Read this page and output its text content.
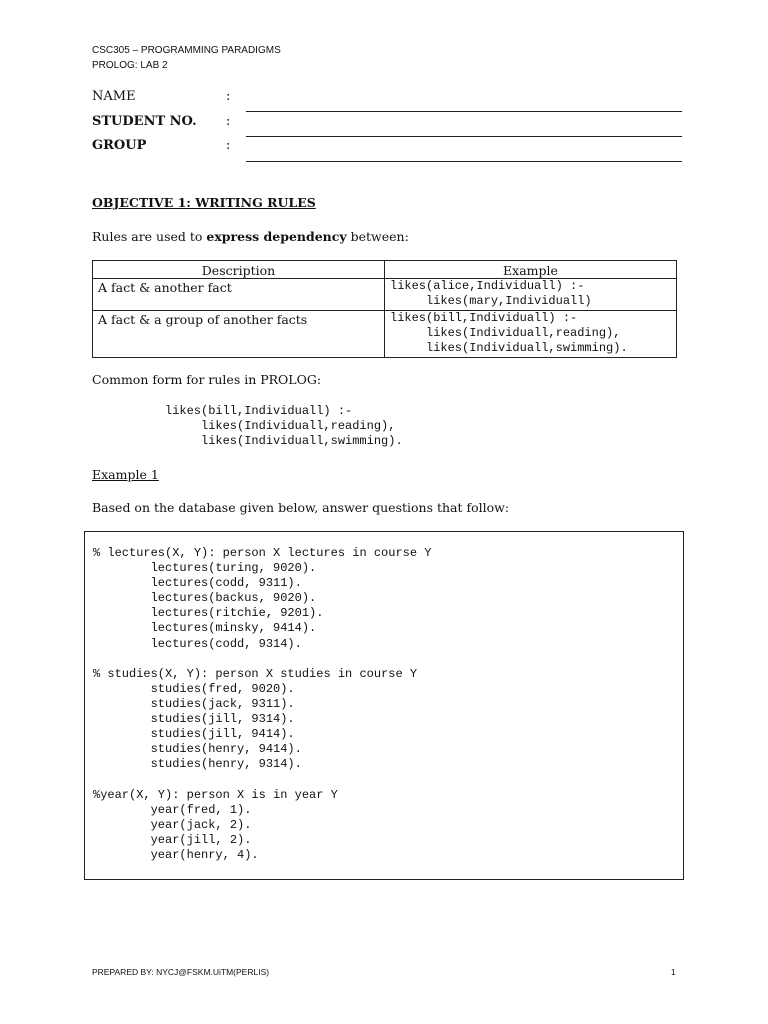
CSC305 – PROGRAMMING PARADIGMS
PROLOG: LAB 2
NAME	:
STUDENT NO. :
GROUP	:
OBJECTIVE 1: WRITING RULES
Rules are used to express dependency between:
Description	Example
A fact & another fact	likes(alice,Individuall) :-
likes(mary,Individuall)
A fact & a group of another facts	likes(bill,Individuall) :-
likes(Individuall,reading),
likes(Individuall,swimming).
Common form for rules in PROLOG:
likes(bill,Individuall) :-
likes(Individuall,reading),
likes(Individuall,swimming).
Example 1
Based on the database given below, answer questions that follow:
% lectures(X, Y): person X lectures in course Y
lectures(turing, 9020).
lectures(codd, 9311).
lectures(backus, 9020).
lectures(ritchie, 9201).
lectures(minsky, 9414).
lectures(codd, 9314).

% studies(X, Y): person X studies in course Y
studies(fred, 9020).
studies(jack, 9311).
studies(jill, 9314).
studies(jill, 9414).
studies(henry, 9414).
studies(henry, 9314).

%year(X, Y): person X is in year Y
year(fred, 1).
year(jack, 2).
year(jill, 2).
year(henry, 4).
PREPARED BY: NYCJ@FSKM.UiTM(PERLIS)	1
